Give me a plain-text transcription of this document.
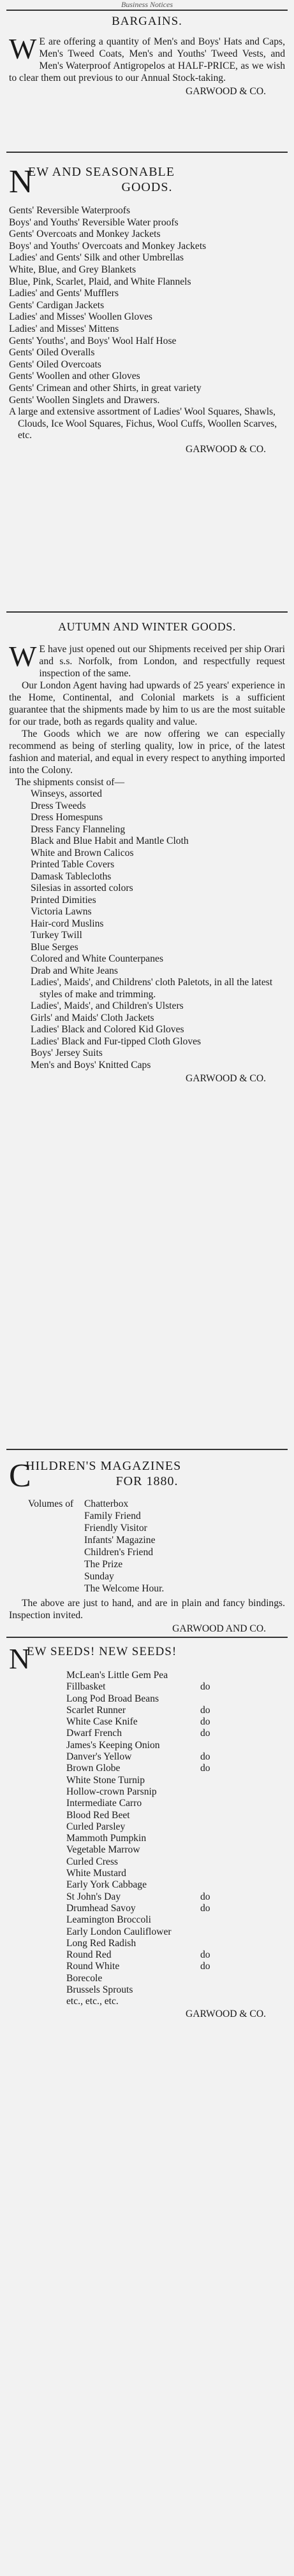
Business Notices
BARGAINS.
W E are offering a quantity of Men's and Boys' Hats and Caps, Men's Tweed Coats, Men's and Youths' Tweed Vests, and Men's Waterproof Antigropelos at HALF-PRICE, as we wish to clear them out previous to our Annual Stock-taking.
GARWOOD & CO.
N
EW AND SEASONABLE
GOODS.
Gents' Reversible Waterproofs
Boys' and Youths' Reversible Water proofs
Gents' Overcoats and Monkey Jackets
Boys' and Youths' Overcoats and Monkey Jackets
Ladies' and Gents' Silk and other Umbrellas
White, Blue, and Grey Blankets
Blue, Pink, Scarlet, Plaid, and White Flannels
Ladies' and Gents' Mufflers
Gents' Cardigan Jackets
Ladies' and Misses' Woollen Gloves
Ladies' and Misses' Mittens
Gents' Youths', and Boys' Wool Half Hose
Gents' Oiled Overalls
Gents' Oiled Overcoats
Gents' Woollen and other Gloves
Gents' Crimean and other Shirts, in great variety
Gents' Woollen Singlets and Drawers.
A large and extensive assortment of Ladies' Wool Squares, Shawls, Clouds, Ice Wool Squares, Fichus, Wool Cuffs, Woollen Scarves, etc.
GARWOOD & CO.
AUTUMN AND WINTER GOODS.
W E have just opened out our Shipments received per ship Orari and s.s. Norfolk, from London, and respectfully request inspection of the same.
Our London Agent having had upwards of 25 years' experience in the Home, Continental, and Colonial markets is a sufficient guarantee that the shipments made by him to us are the most suitable for our trade, both as regards quality and value.
The Goods which we are now offering we can especially recommend as being of sterling quality, low in price, of the latest fashion and material, and equal in every respect to anything imported into the Colony.
The shipments consist of—
Winseys, assorted
Dress Tweeds
Dress Homespuns
Dress Fancy Flanneling
Black and Blue Habit and Mantle Cloth
White and Brown Calicos
Printed Table Covers
Damask Tablecloths
Silesias in assorted colors
Printed Dimities
Victoria Lawns
Hair-cord Muslins
Turkey Twill
Blue Serges
Colored and White Counterpanes
Drab and White Jeans
Ladies', Maids', and Childrens' cloth Paletots, in all the latest styles of make and trimming.
Ladies', Maids', and Children's Ulsters
Girls' and Maids' Cloth Jackets
Ladies' Black and Colored Kid Gloves
Ladies' Black and Fur-tipped Cloth Gloves
Boys' Jersey Suits
Men's and Boys' Knitted Caps
GARWOOD & CO.
C
HILDREN'S MAGAZINES
FOR 1880.
Volumes of Chatterbox
Family Friend
Friendly Visitor
Infants' Magazine
Children's Friend
The Prize
Sunday
The Welcome Hour.
The above are just to hand, and are in plain and fancy bindings. Inspection invited.
GARWOOD AND CO.
N
EW SEEDS! NEW SEEDS!
McLean's Little Gem Pea
Fillbasket	do
Long Pod Broad Beans
Scarlet Runner	do
White Case Knife	do
Dwarf French	do
James's Keeping Onion
Danver's Yellow	do
Brown Globe	do
White Stone Turnip
Hollow-crown Parsnip
Intermediate Carro
Blood Red Beet
Curled Parsley
Mammoth Pumpkin
Vegetable Marrow
Curled Cress
White Mustard
Early York Cabbage
St John's Day	do
Drumhead Savoy	do
Leamington Broccoli
Early London Cauliflower
Long Red Radish
Round Red	do
Round White	do
Borecole
Brussels Sprouts
etc., etc., etc.
GARWOOD & CO.
